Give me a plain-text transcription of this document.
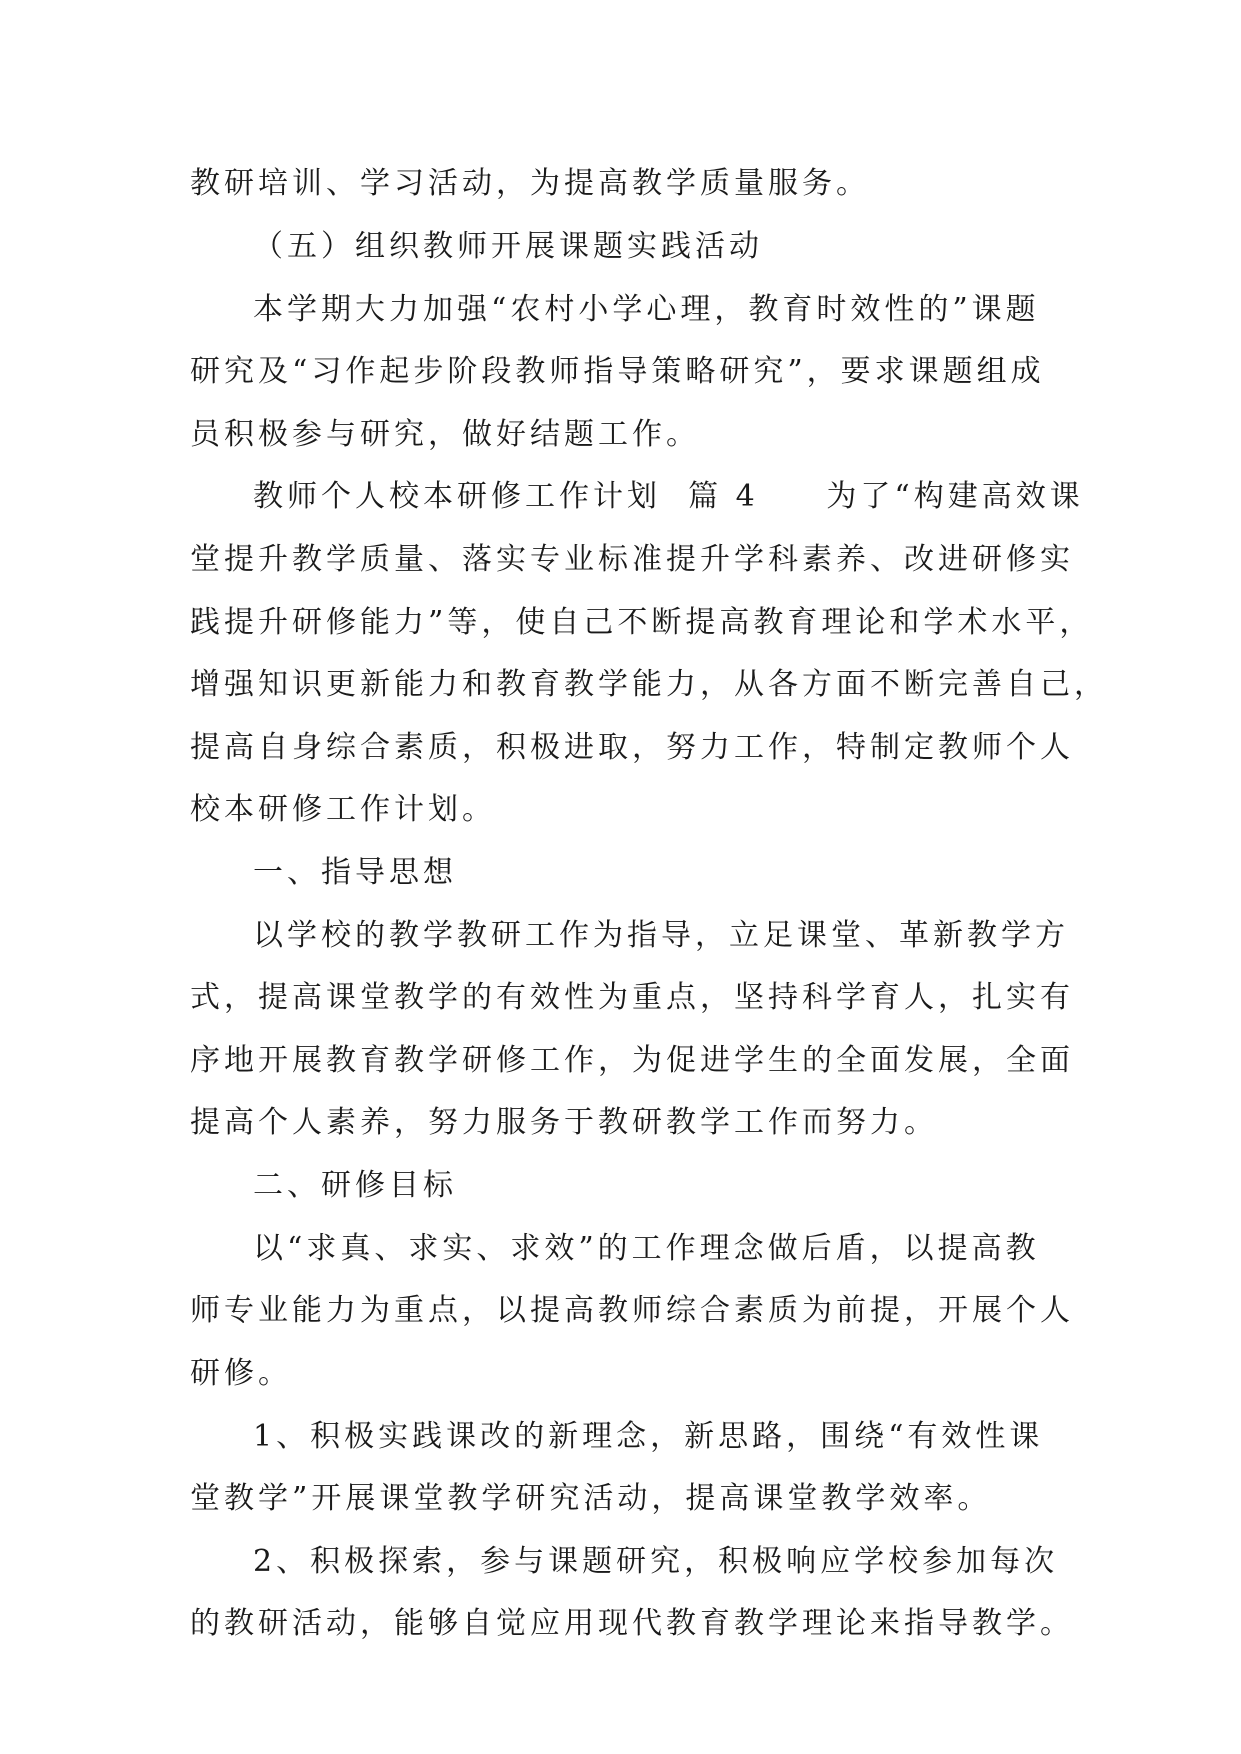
教研培训、学习活动，为提高教学质量服务。

（五）组织教师开展课题实践活动

本学期大力加强“农村小学心理，教育时效性的”课题

研究及“习作起步阶段教师指导策略研究”，要求课题组成

员积极参与研究，做好结题工作。

教师个人校本研修工作计划  篇 4     为了“构建高效课

堂提升教学质量、落实专业标准提升学科素养、改进研修实

践提升研修能力”等，使自己不断提高教育理论和学术水平，

增强知识更新能力和教育教学能力，从各方面不断完善自己，

提高自身综合素质，积极进取，努力工作，特制定教师个人

校本研修工作计划。

一、指导思想

以学校的教学教研工作为指导，立足课堂、革新教学方

式，提高课堂教学的有效性为重点，坚持科学育人，扎实有

序地开展教育教学研修工作，为促进学生的全面发展，全面

提高个人素养，努力服务于教研教学工作而努力。

二、研修目标

以“求真、求实、求效”的工作理念做后盾，以提高教

师专业能力为重点，以提高教师综合素质为前提，开展个人

研修。

1、积极实践课改的新理念，新思路，围绕“有效性课

堂教学”开展课堂教学研究活动，提高课堂教学效率。

2、积极探索，参与课题研究，积极响应学校参加每次

的教研活动，能够自觉应用现代教育教学理论来指导教学。
